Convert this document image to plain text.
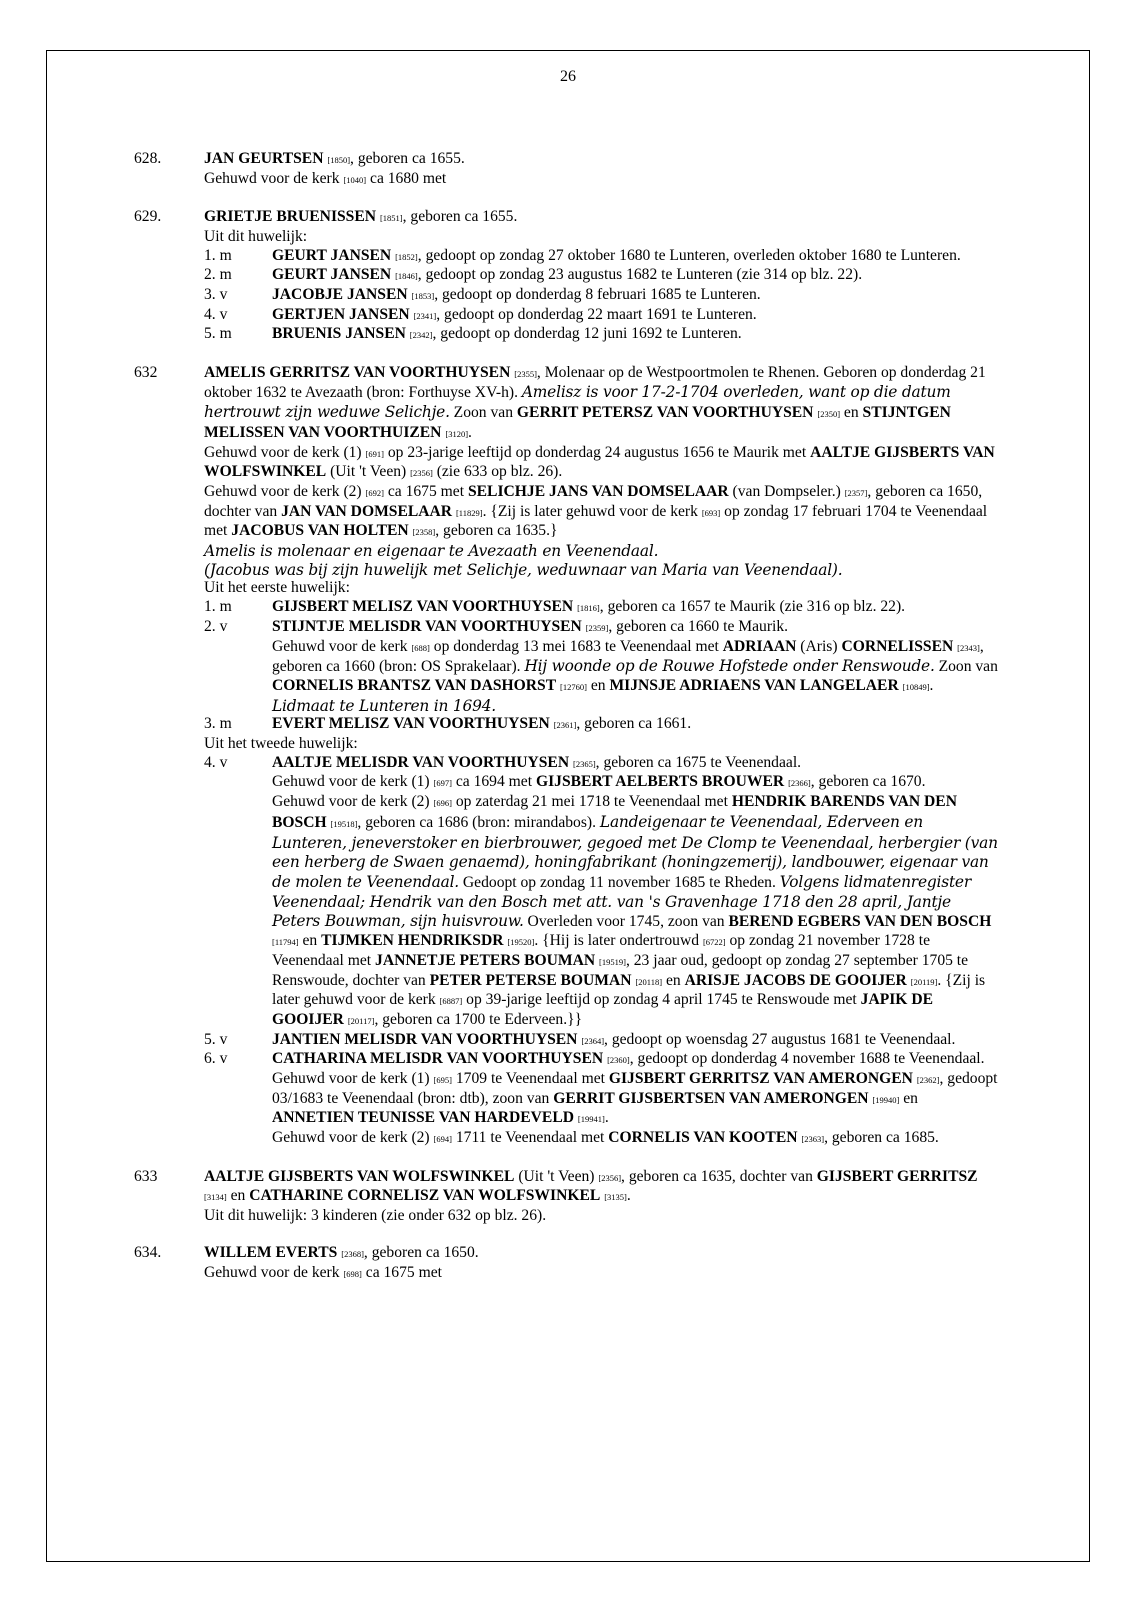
26
628.	JAN GEURTSEN [1850], geboren ca 1655.
Gehuwd voor de kerk [1040] ca 1680 met
629.	GRIETJE BRUENISSEN [1851], geboren ca 1655.
Uit dit huwelijk:
1. m	GEURT JANSEN [1852], gedoopt op zondag 27 oktober 1680 te Lunteren, overleden oktober 1680 te Lunteren.
2. m	GEURT JANSEN [1846], gedoopt op zondag 23 augustus 1682 te Lunteren (zie 314 op blz. 22).
3. v	JACOBJE JANSEN [1853], gedoopt op donderdag 8 februari 1685 te Lunteren.
4. v	GERTJEN JANSEN [2341], gedoopt op donderdag 22 maart 1691 te Lunteren.
5. m	BRUENIS JANSEN [2342], gedoopt op donderdag 12 juni 1692 te Lunteren.
632	AMELIS GERRITSZ VAN VOORTHUYSEN [2355], Molenaar op de Westpoortmolen te Rhenen. Geboren op donderdag 21 oktober 1632 te Avezaath (bron: Forthuyse XV-h). Amelisz is voor 17-2-1704 overleden, want op die datum hertrouwt zijn weduwe Selichje. Zoon van GERRIT PETERSZ VAN VOORTHUYSEN [2350] en STIJNTGEN MELISSEN VAN VOORTHUIZEN [3120].
Gehuwd voor de kerk (1) [691] op 23-jarige leeftijd op donderdag 24 augustus 1656 te Maurik met AALTJE GIJSBERTS VAN WOLFSWINKEL (Uit 't Veen) [2356] (zie 633 op blz. 26).
Gehuwd voor de kerk (2) [692] ca 1675 met SELICHJE JANS VAN DOMSELAAR (van Dompseler.) [2357], geboren ca 1650, dochter van JAN VAN DOMSELAAR [11829]. {Zij is later gehuwd voor de kerk [693] op zondag 17 februari 1704 te Veenendaal met JACOBUS VAN HOLTEN [2358], geboren ca 1635.}
Amelis is molenaar en eigenaar te Avezaath en Veenendaal.
(Jacobus was bij zijn huwelijk met Selichje, weduwnaar van Maria van Veenendaal).
Uit het eerste huwelijk:
1. m	GIJSBERT MELISZ VAN VOORTHUYSEN [1816], geboren ca 1657 te Maurik (zie 316 op blz. 22).
2. v	STIJNTJE MELISDR VAN VOORTHUYSEN [2359], geboren ca 1660 te Maurik.
Gehuwd voor de kerk [688] op donderdag 13 mei 1683 te Veenendaal met ADRIAAN (Aris) CORNELISSEN [2343], geboren ca 1660 (bron: OS Sprakelaar). Hij woonde op de Rouwe Hofstede onder Renswoude. Zoon van CORNELIS BRANTSZ VAN DASHORST [12760] en MIJNSJE ADRIAENS VAN LANGELAER [10849].
Lidmaat te Lunteren in 1694.
3. m	EVERT MELISZ VAN VOORTHUYSEN [2361], geboren ca 1661.
Uit het tweede huwelijk:
4. v	AALTJE MELISDR VAN VOORTHUYSEN [2365], geboren ca 1675 te Veenendaal.
Gehuwd voor de kerk (1) [697] ca 1694 met GIJSBERT AELBERTS BROUWER [2366], geboren ca 1670.
Gehuwd voor de kerk (2) [696] op zaterdag 21 mei 1718 te Veenendaal met HENDRIK BARENDS VAN DEN BOSCH [19518], geboren ca 1686 (bron: mirandabos). Landeigenaar te Veenendaal, Ederveen en Lunteren, jeneverstoker en bierbrouwer, gegoed met De Clomp te Veenendaal, herbergier (van een herberg de Swaen genaemd), honingfabrikant (honingzemerij), landbouwer, eigenaar van de molen te Veenendaal. Gedoopt op zondag 11 november 1685 te Rheden. Volgens lidmatenregister Veenendaal; Hendrik van den Bosch met att. van 's Gravenhage 1718 den 28 april, Jantje Peters Bouwman, sijn huisvrouw. Overleden voor 1745, zoon van BEREND EGBERS VAN DEN BOSCH [11794] en TIJMKEN HENDRIKSDR [19520]. {Hij is later ondertrouwd [6722] op zondag 21 november 1728 te Veenendaal met JANNETJE PETERS BOUMAN [19519], 23 jaar oud, gedoopt op zondag 27 september 1705 te Renswoude, dochter van PETER PETERSE BOUMAN [20118] en ARISJE JACOBS DE GOOIJER [20119]. {Zij is later gehuwd voor de kerk [6887] op 39-jarige leeftijd op zondag 4 april 1745 te Renswoude met JAPIK DE GOOIJER [20117], geboren ca 1700 te Ederveen.}}
5. v	JANTIEN MELISDR VAN VOORTHUYSEN [2364], gedoopt op woensdag 27 augustus 1681 te Veenendaal.
6. v	CATHARINA MELISDR VAN VOORTHUYSEN [2360], gedoopt op donderdag 4 november 1688 te Veenendaal.
Gehuwd voor de kerk (1) [695] 1709 te Veenendaal met GIJSBERT GERRITSZ VAN AMERONGEN [2362], gedoopt 03/1683 te Veenendaal (bron: dtb), zoon van GERRIT GIJSBERTSEN VAN AMERONGEN [19940] en ANNETIEN TEUNISSE VAN HARDEVELD [19941].
Gehuwd voor de kerk (2) [694] 1711 te Veenendaal met CORNELIS VAN KOOTEN [2363], geboren ca 1685.
633	AALTJE GIJSBERTS VAN WOLFSWINKEL (Uit 't Veen) [2356], geboren ca 1635, dochter van GIJSBERT GERRITSZ [3134] en CATHARINE CORNELISZ VAN WOLFSWINKEL [3135].
Uit dit huwelijk: 3 kinderen (zie onder 632 op blz. 26).
634.	WILLEM EVERTS [2368], geboren ca 1650.
Gehuwd voor de kerk [698] ca 1675 met
